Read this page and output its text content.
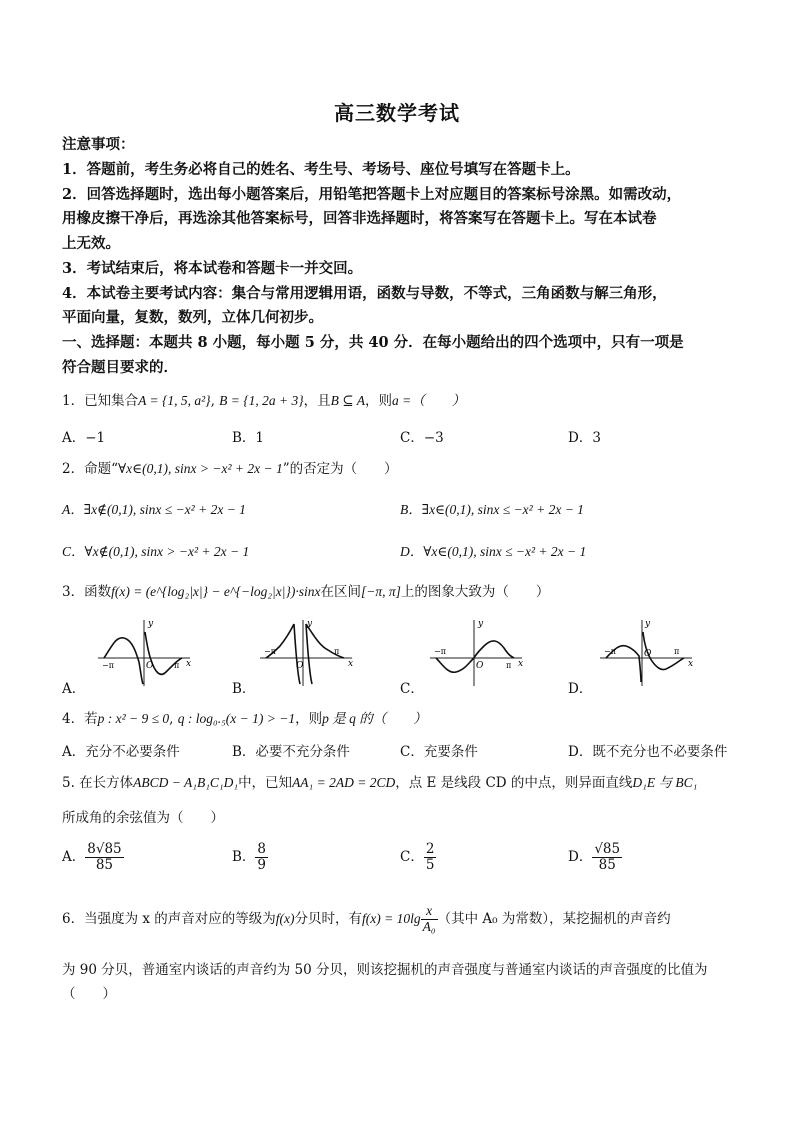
高三数学考试
注意事项：
1．答题前，考生务必将自己的姓名、考生号、考场号、座位号填写在答题卡上。
2．回答选择题时，选出每小题答案后，用铅笔把答题卡上对应题目的答案标号涂黑。如需改动，
用橡皮擦干净后，再选涂其他答案标号，回答非选择题时，将答案写在答题卡上。写在本试卷
上无效。
3．考试结束后，将本试卷和答题卡一并交回。
4．本试卷主要考试内容：集合与常用逻辑用语，函数与导数，不等式，三角函数与解三角形，
平面向量，复数，数列，立体几何初步。
一、选择题：本题共 8 小题，每小题 5 分，共 40 分．在每小题给出的四个选项中，只有一项是
符合题目要求的．
1．已知集合A = {1, 5, a²}, B = {1, 2a + 3}，且B ⊆ A，则a =（　　）
A．−1	B．1	C．−3	D．3
2．命题“∀x∈(0,1), sinx > −x² + 2x − 1”的否定为（　　）
A．∃x∉(0,1), sinx ≤ −x² + 2x − 1	B．∃x∈(0,1), sinx ≤ −x² + 2x − 1
C．∀x∉(0,1), sinx > −x² + 2x − 1	D．∀x∈(0,1), sinx ≤ −x² + 2x − 1
3．函数f(x) = (e^{log₂|x|} − e^{−log₂|x|})·sinx在区间[−π, π]上的图象大致为（　　）
y
−π	O	π x
A．
y
−π
O
π
x
B．
y
−π
O	π x
C．
y
−π	O	π
x
D．
4．若p : x² − 9 ≤ 0, q : log₀.₅(x − 1) > −1，则p 是 q 的（　　）
A．充分不必要条件	B．必要不充分条件	C．充要条件	D．既不充分也不必要条件
5. 在长方体ABCD − A₁B₁C₁D₁中，已知AA₁ = 2AD = 2CD，点 E 是线段 CD 的中点，则异面直线D₁E 与 BC₁
所成角的余弦值为（　　）
A． $\frac{8√85}{85}$	B． $\frac{8}{9}$	C． $\frac{2}{5}$	D． $\frac{√85}{85}$
6．当强度为 x 的声音对应的等级为f(x)分贝时，有$f(x) = 10\lg \frac{x}{\text{A₀}}$ （其中 A₀ 为常数），某挖掘机的声音约
为 90 分贝，普通室内谈话的声音约为 50 分贝，则该挖掘机的声音强度与普通室内谈话的声音强度的比值为
（　　）
